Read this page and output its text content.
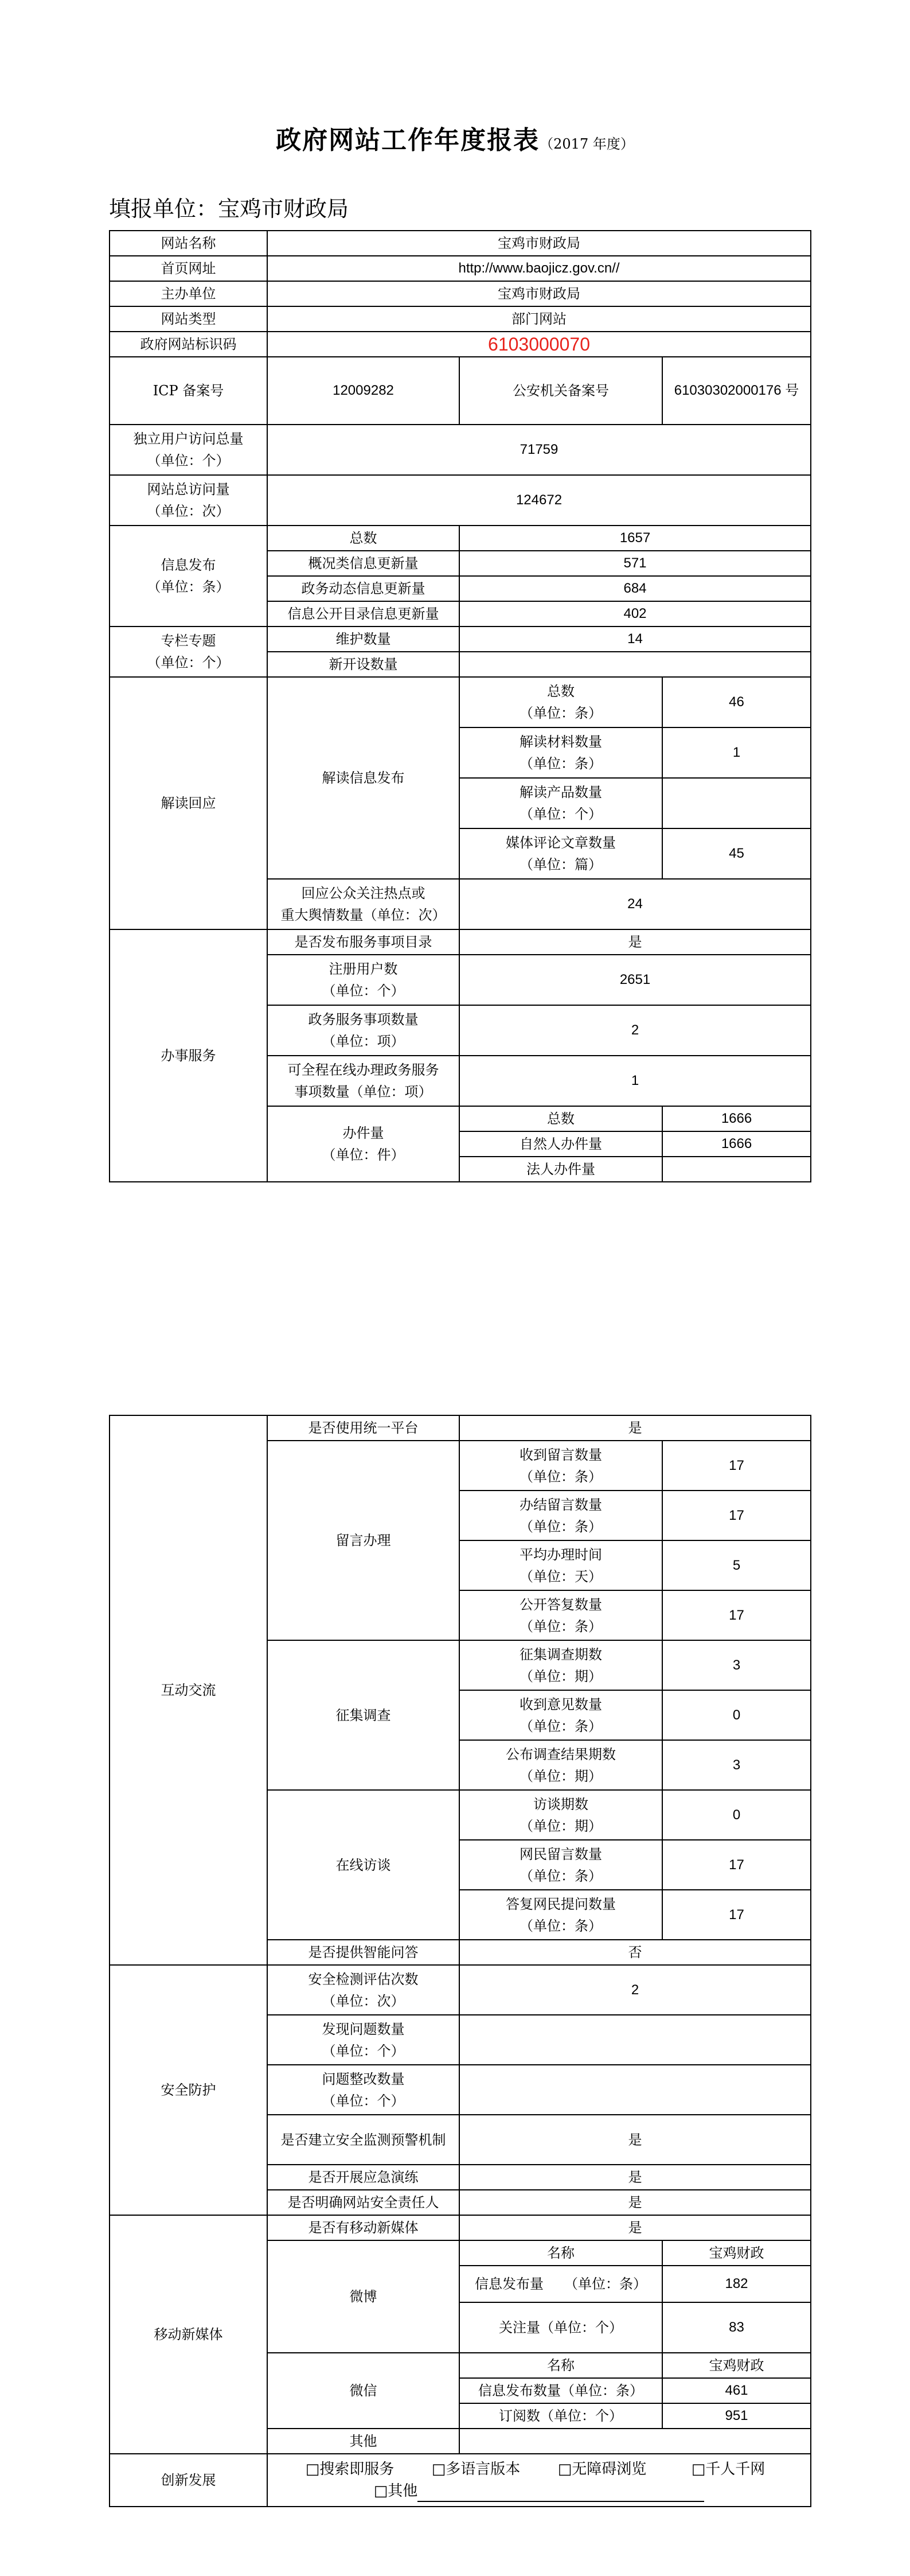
政府网站工作年度报表（2017 年度）
填报单位：宝鸡市财政局
网站名称	宝鸡市财政局		
首页网址	http://www.baojicz.gov.cn//		
主办单位	宝鸡市财政局		
网站类型	部门网站		
政府网站标识码	6103000070		
ICP 备案号	12009282	公安机关备案号	61030302000176 号

独立用户访问总量
（单位：个）	71759		

网站总访问量
（单位：次）	124672		

信息发布
（单位：条）	总数	1657	
	概况类信息更新量	571	
	政务动态信息更新量	684	
	信息公开目录信息更新量	402	

专栏专题
（单位：个）	维护数量	14	
	新开设数量		
解读回应	解读信息发布	总数
（单位：条）	46

		解读材料数量
（单位：条）	1

		解读产品数量
（单位：个）	

		媒体评论文章数量
（单位：篇）	45

	回应公众关注热点或
重大舆情数量（单位：次）	24	
办事服务	是否发布服务事项目录	是	

	注册用户数
（单位：个）	2651	

	政务服务事项数量
（单位：项）	2	

	可全程在线办理政务服务
事项数量（单位：项）	1	

	办件量
（单位：件）	总数	1666
		自然人办件量	1666
		法人办件量	
互动交流	是否使用统一平台	是	
	留言办理	收到留言数量
（单位：条）	17

		办结留言数量
（单位：条）	17

		平均办理时间
（单位：天）	5

		公开答复数量
（单位：条）	17
	征集调查	征集调查期数
（单位：期）	3

		收到意见数量
（单位：条）	0

		公布调查结果期数
（单位：期）	3
	在线访谈	访谈期数
（单位：期）	0

		网民留言数量
（单位：条）	17

		答复网民提问数量
（单位：条）	17
	是否提供智能问答	否	
安全防护	安全检测评估次数
（单位：次）	2	

	发现问题数量
（单位：个）		

	问题整改数量
（单位：个）		

	是否建立安全监测预警机制	是	
	是否开展应急演练	是	
	是否明确网站安全责任人	是	
移动新媒体	是否有移动新媒体	是	
	微博	名称	宝鸡财政
		信息发布量　　（单位：条）	182
		关注量（单位：个）	83
	微信	名称	宝鸡财政
		信息发布数量（单位：条）	461
		订阅数（单位：个）	951
	其他		
创新发展	□搜索即服务 □多语言版本 □无障碍浏览 □千人千网
□其他		
